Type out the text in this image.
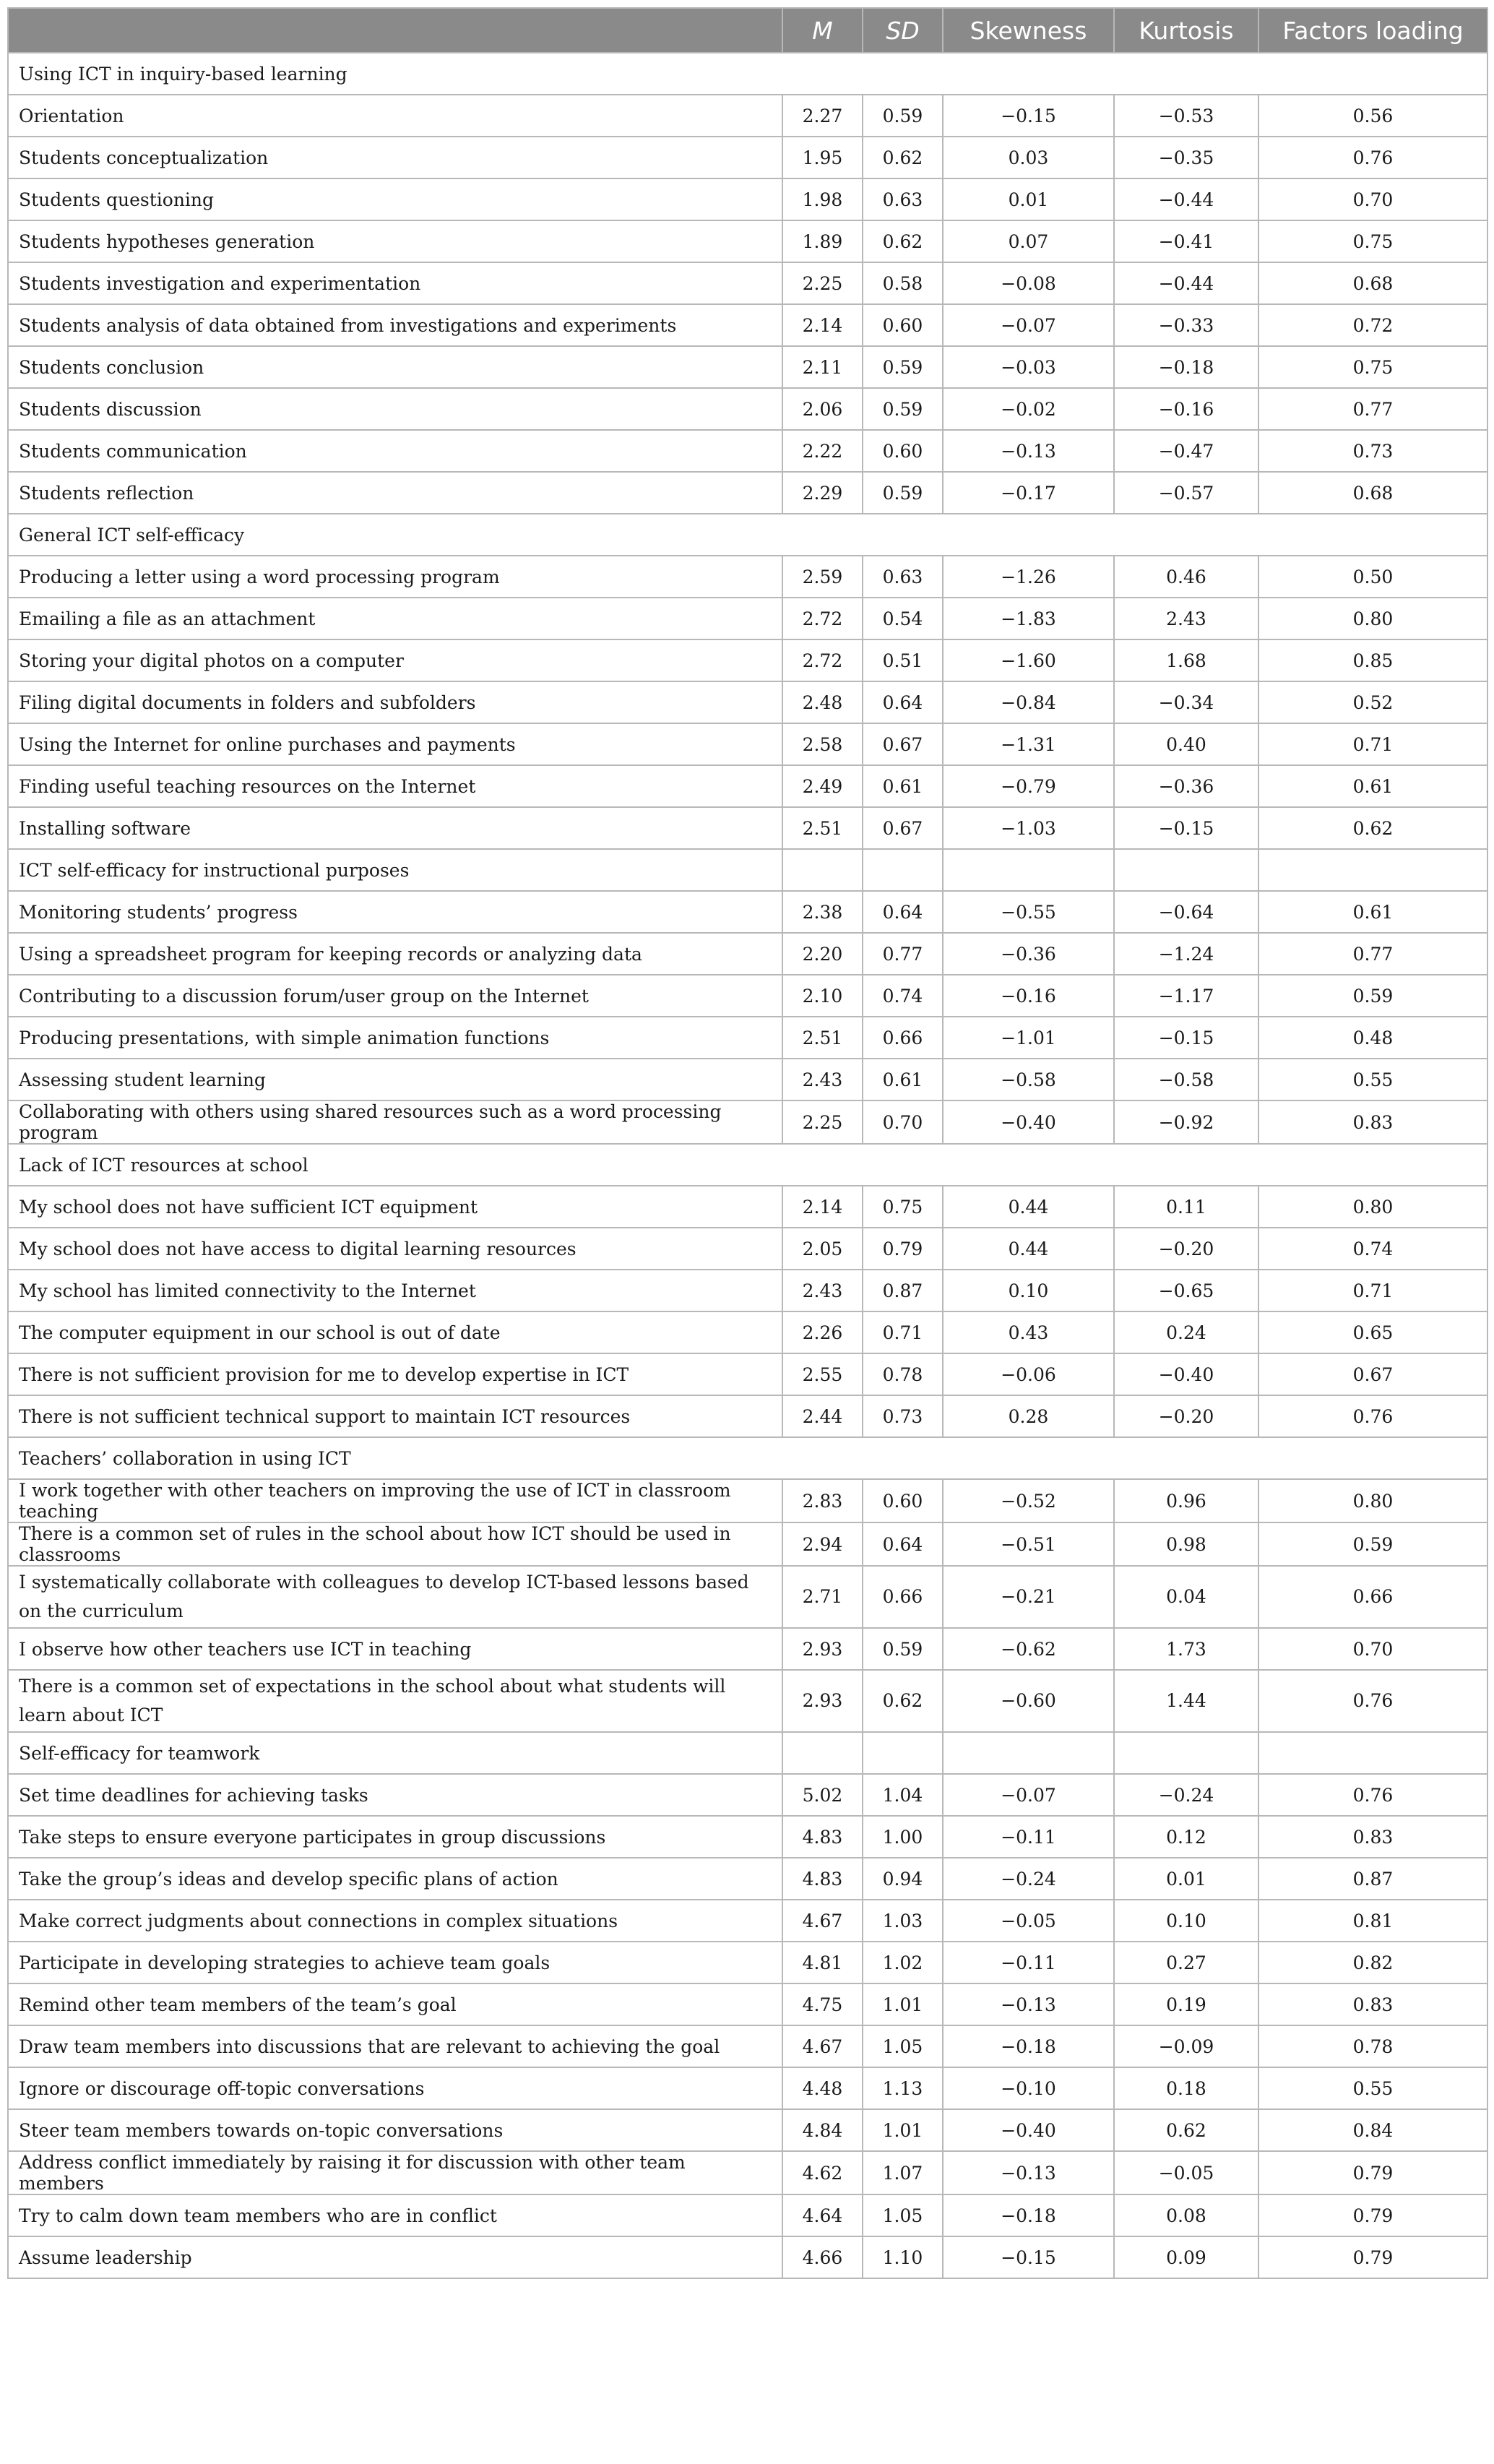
	M	SD	Skewness	Kurtosis	Factors loading
Using ICT in inquiry-based learning					
Orientation	2.27	0.59	−0.15	−0.53	0.56
Students conceptualization	1.95	0.62	0.03	−0.35	0.76
Students questioning	1.98	0.63	0.01	−0.44	0.70
Students hypotheses generation	1.89	0.62	0.07	−0.41	0.75
Students investigation and experimentation	2.25	0.58	−0.08	−0.44	0.68
Students analysis of data obtained from investigations and experiments	2.14	0.60	−0.07	−0.33	0.72
Students conclusion	2.11	0.59	−0.03	−0.18	0.75
Students discussion	2.06	0.59	−0.02	−0.16	0.77
Students communication	2.22	0.60	−0.13	−0.47	0.73
Students reflection	2.29	0.59	−0.17	−0.57	0.68
General ICT self-efficacy					
Producing a letter using a word processing program	2.59	0.63	−1.26	0.46	0.50
Emailing a file as an attachment	2.72	0.54	−1.83	2.43	0.80
Storing your digital photos on a computer	2.72	0.51	−1.60	1.68	0.85
Filing digital documents in folders and subfolders	2.48	0.64	−0.84	−0.34	0.52
Using the Internet for online purchases and payments	2.58	0.67	−1.31	0.40	0.71
Finding useful teaching resources on the Internet	2.49	0.61	−0.79	−0.36	0.61
Installing software	2.51	0.67	−1.03	−0.15	0.62
ICT self-efficacy for instructional purposes					
Monitoring students’ progress	2.38	0.64	−0.55	−0.64	0.61
Using a spreadsheet program for keeping records or analyzing data	2.20	0.77	−0.36	−1.24	0.77
Contributing to a discussion forum/user group on the Internet	2.10	0.74	−0.16	−1.17	0.59
Producing presentations, with simple animation functions	2.51	0.66	−1.01	−0.15	0.48
Assessing student learning	2.43	0.61	−0.58	−0.58	0.55
Collaborating with others using shared resources such as a word processing program	2.25	0.70	−0.40	−0.92	0.83
Lack of ICT resources at school					
My school does not have sufficient ICT equipment	2.14	0.75	0.44	0.11	0.80
My school does not have access to digital learning resources	2.05	0.79	0.44	−0.20	0.74
My school has limited connectivity to the Internet	2.43	0.87	0.10	−0.65	0.71
The computer equipment in our school is out of date	2.26	0.71	0.43	0.24	0.65
There is not sufficient provision for me to develop expertise in ICT	2.55	0.78	−0.06	−0.40	0.67
There is not sufficient technical support to maintain ICT resources	2.44	0.73	0.28	−0.20	0.76
Teachers’ collaboration in using ICT					
I work together with other teachers on improving the use of ICT in classroom teaching	2.83	0.60	−0.52	0.96	0.80
There is a common set of rules in the school about how ICT should be used in classrooms	2.94	0.64	−0.51	0.98	0.59
I systematically collaborate with colleagues to develop ICT-based lessons based on the curriculum	2.71	0.66	−0.21	0.04	0.66
I observe how other teachers use ICT in teaching	2.93	0.59	−0.62	1.73	0.70
There is a common set of expectations in the school about what students will learn about ICT	2.93	0.62	−0.60	1.44	0.76
Self-efficacy for teamwork					
Set time deadlines for achieving tasks	5.02	1.04	−0.07	−0.24	0.76
Take steps to ensure everyone participates in group discussions	4.83	1.00	−0.11	0.12	0.83
Take the group’s ideas and develop specific plans of action	4.83	0.94	−0.24	0.01	0.87
Make correct judgments about connections in complex situations	4.67	1.03	−0.05	0.10	0.81
Participate in developing strategies to achieve team goals	4.81	1.02	−0.11	0.27	0.82
Remind other team members of the team’s goal	4.75	1.01	−0.13	0.19	0.83
Draw team members into discussions that are relevant to achieving the goal	4.67	1.05	−0.18	−0.09	0.78
Ignore or discourage off-topic conversations	4.48	1.13	−0.10	0.18	0.55
Steer team members towards on-topic conversations	4.84	1.01	−0.40	0.62	0.84
Address conflict immediately by raising it for discussion with other team members	4.62	1.07	−0.13	−0.05	0.79
Try to calm down team members who are in conflict	4.64	1.05	−0.18	0.08	0.79
Assume leadership	4.66	1.10	−0.15	0.09	0.79
